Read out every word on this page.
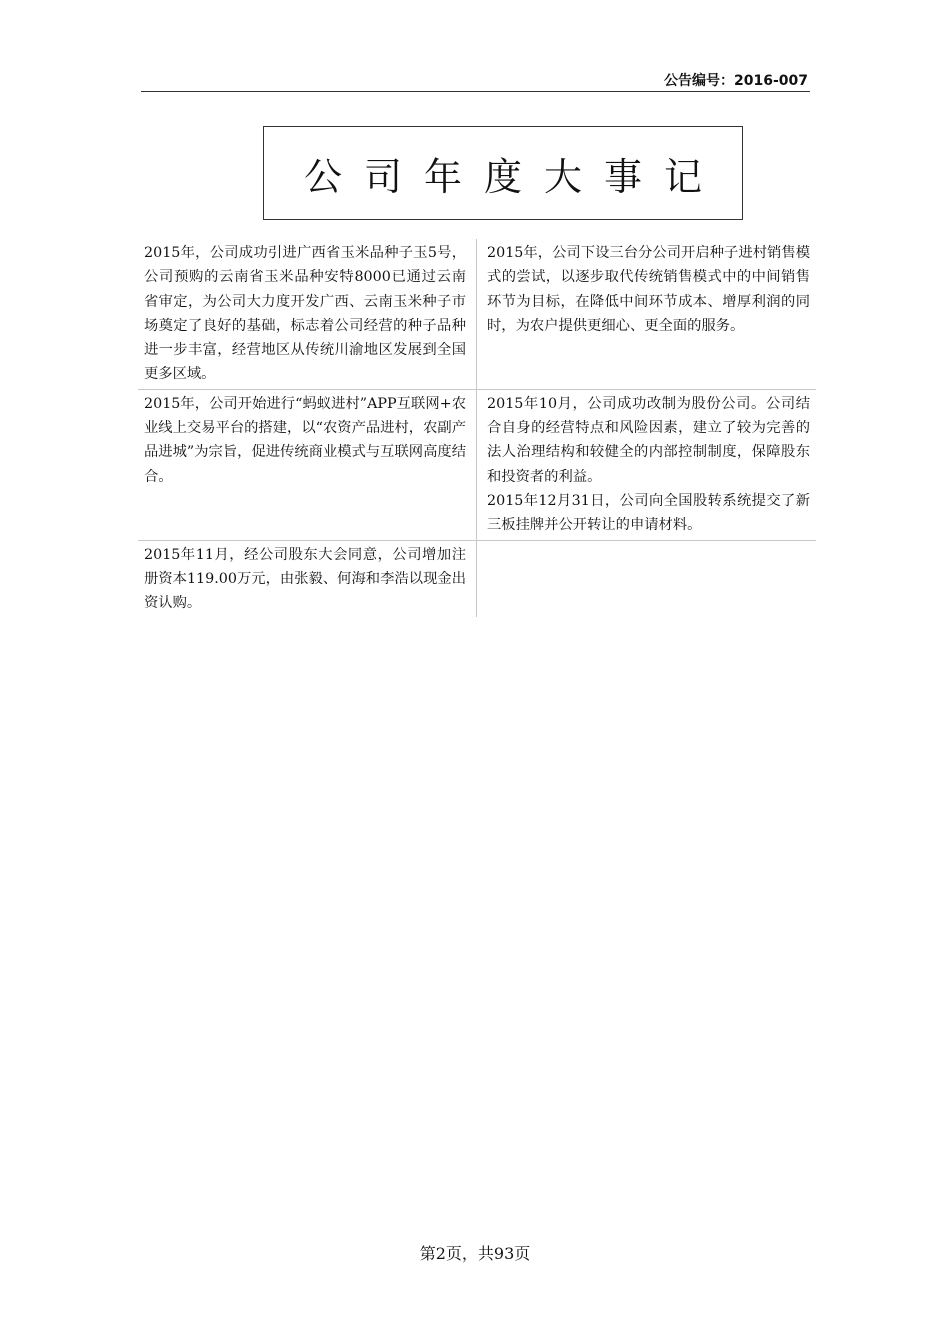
公告编号：2016-007
公司年度大事记

2015年，公司成功引进广西省玉米品种子玉5号，公司预购的云南省玉米品种安特8000已通过云南省审定，为公司大力度开发广西、云南玉米种子市场奠定了良好的基础，标志着公司经营的种子品种进一步丰富，经营地区从传统川渝地区发展到全国更多区域。

2015年，公司下设三台分公司开启种子进村销售模式的尝试，以逐步取代传统销售模式中的中间销售环节为目标，在降低中间环节成本、增厚利润的同时，为农户提供更细心、更全面的服务。

2015年，公司开始进行“蚂蚁进村”APP互联网+农业线上交易平台的搭建，以“农资产品进村，农副产品进城”为宗旨，促进传统商业模式与互联网高度结合。

2015年10月，公司成功改制为股份公司。公司结合自身的经营特点和风险因素，建立了较为完善的法人治理结构和较健全的内部控制制度，保障股东和投资者的利益。

2015年12月31日，公司向全国股转系统提交了新三板挂牌并公开转让的申请材料。

2015年11月，经公司股东大会同意，公司增加注册资本119.00万元，由张毅、何海和李浩以现金出资认购。

第2页，共93页
